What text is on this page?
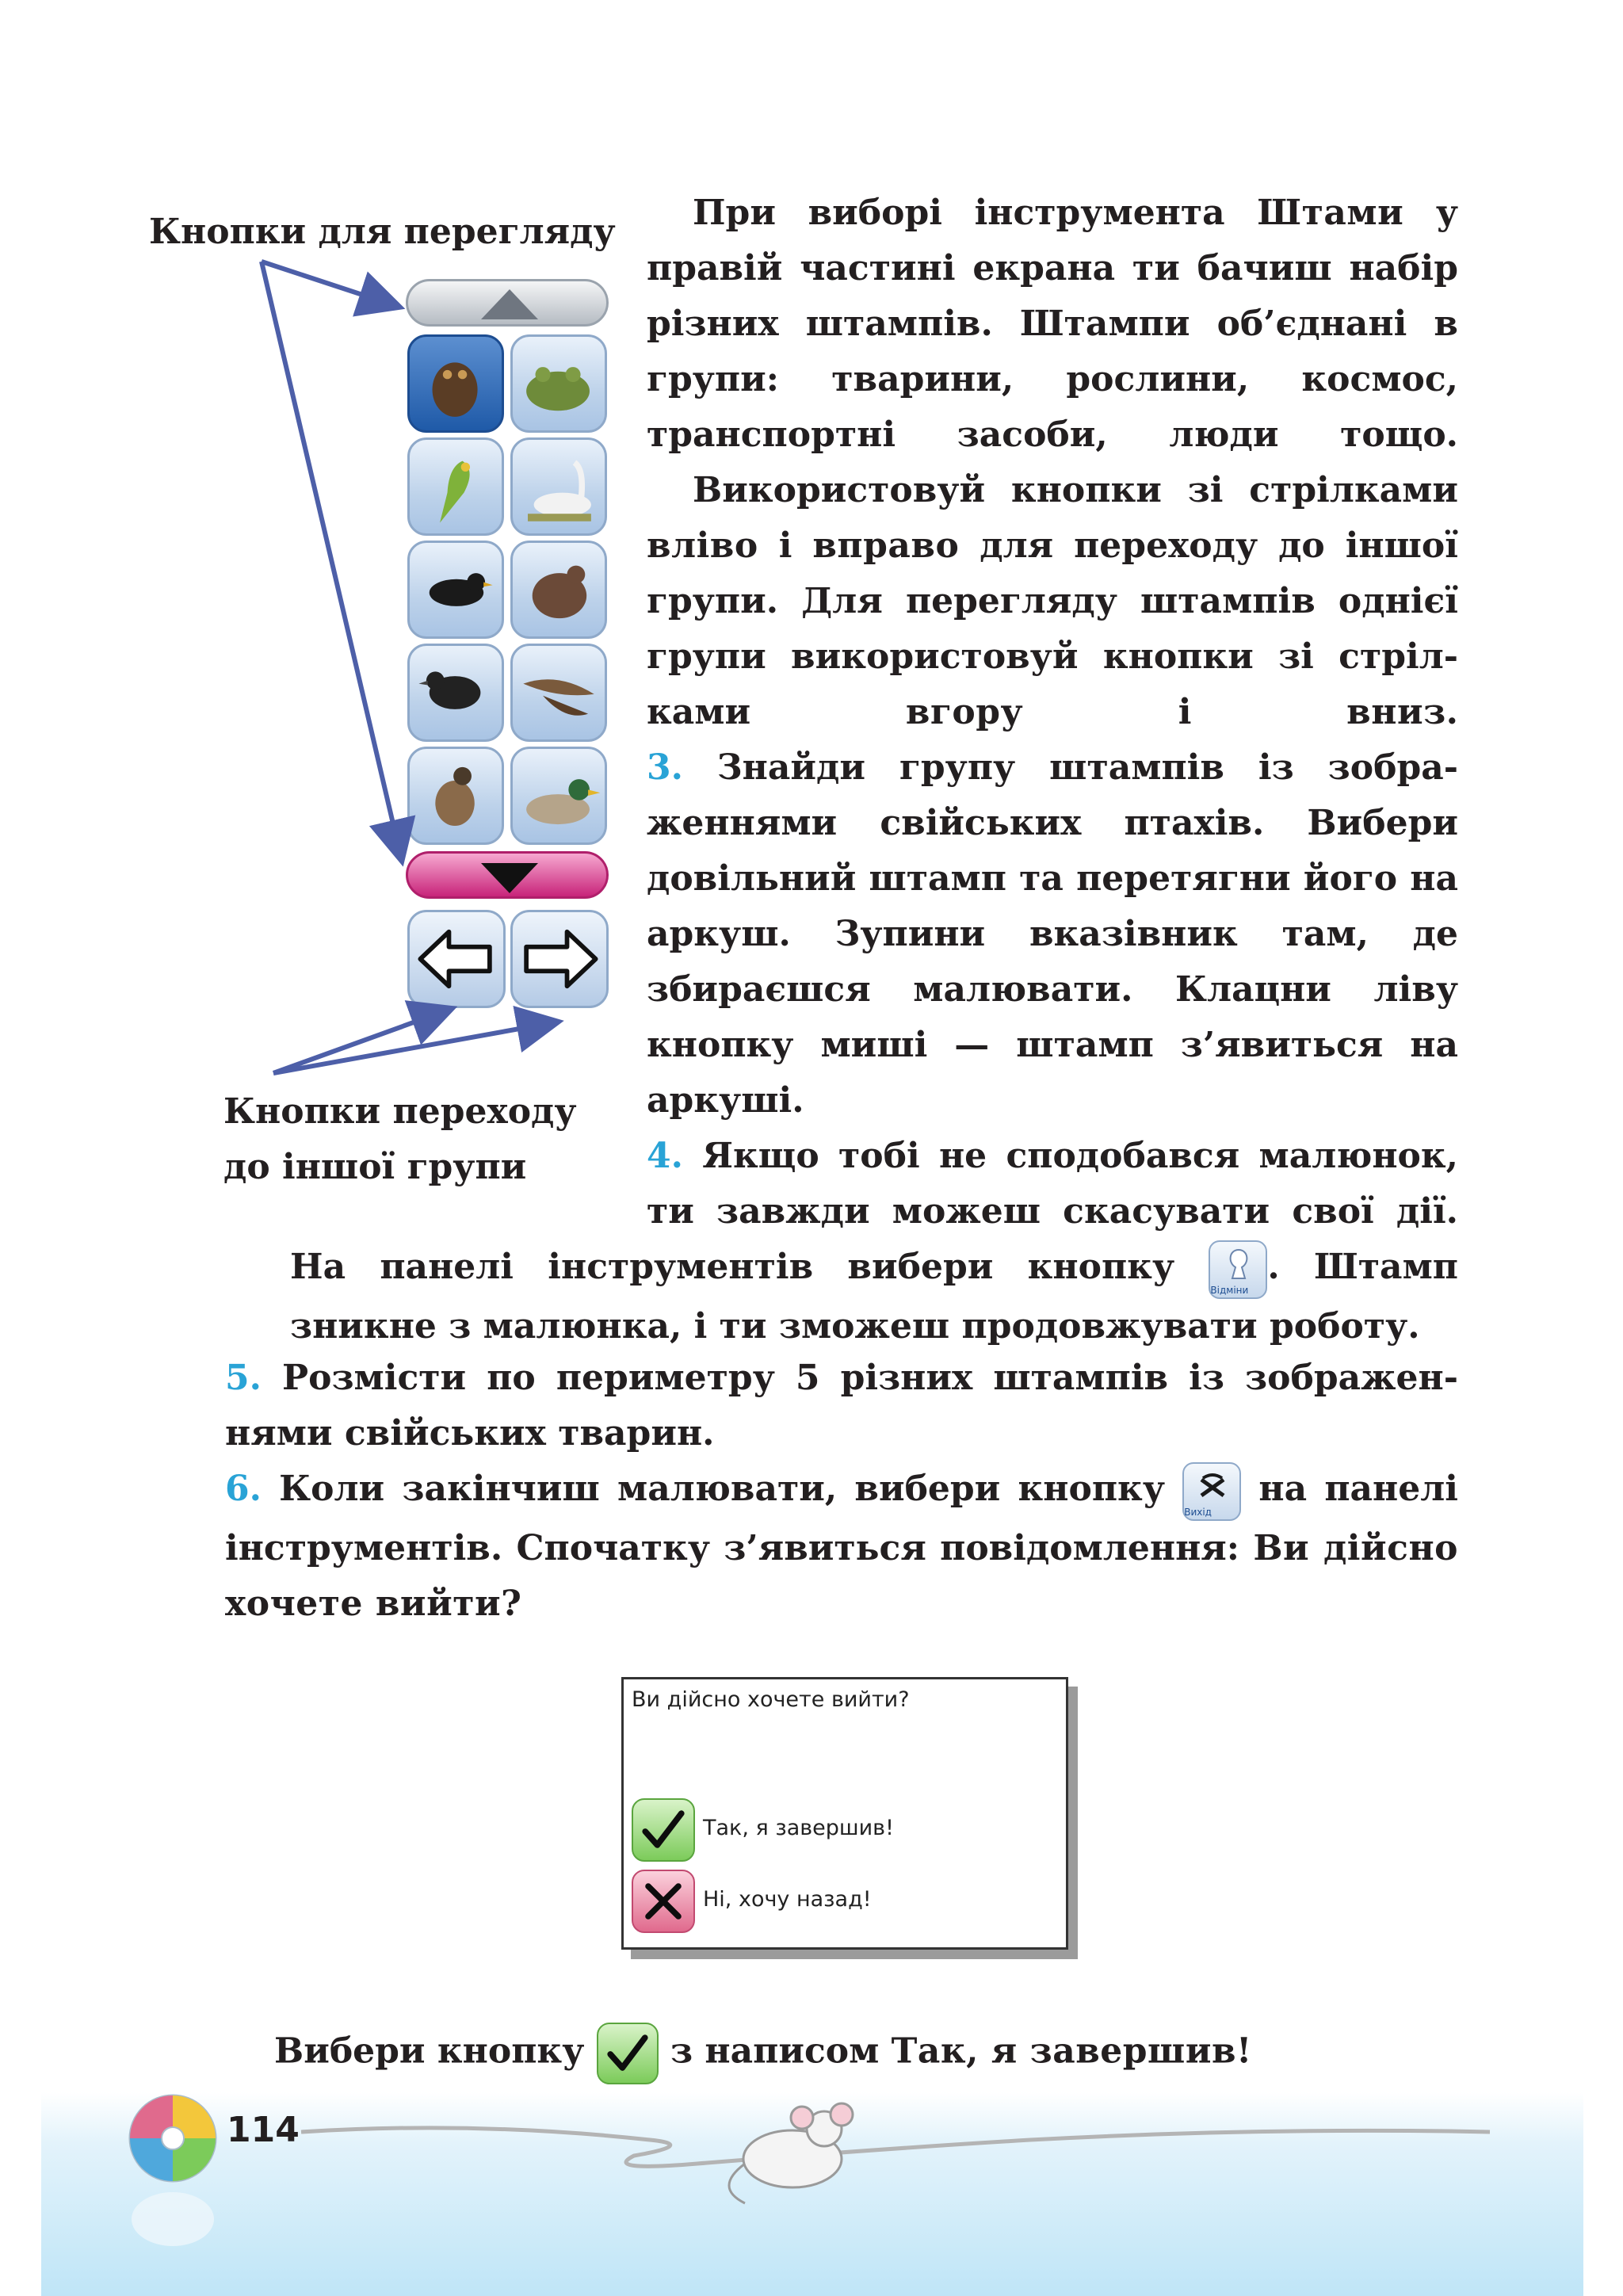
Кнопки для перегляду
Кнопки переходу
до іншої групи
При виборі інструмента Штами у правій частині екрана ти бачиш набір різних штампів. Штампи об’єднані в групи: тварини, рослини, космос, транспортні засоби, люди тощо.
Використовуй кнопки зі стрілками вліво і вправо для переходу до іншої групи. Для перегляду штампів однієї групи використовуй кнопки зі стрілками вгору і вниз.
3. Знайди групу штампів із зображеннями свійських птахів. Вибери довільний штамп та перетягни його на аркуш. Зупини вказівник там, де збираєшся малювати. Клацни ліву кнопку миші — штамп з’явиться на аркуші.
4. Якщо тобі не сподобався малюнок, ти завжди можеш скасувати свої дії.
На панелі інструментів вибери кнопку
Відміни
. Штамп зникне з малюнка, і ти зможеш продовжувати роботу.
5. Розмісти по периметру 5 різних штампів із зображеннями свійських тварин.
6. Коли закінчиш малювати, вибери кнопку
Вихід
на панелі інструментів. Спочатку з’явиться повідомлення: Ви дійсно хочете вийти?
Ви дійсно хочете вийти?
Так, я завершив!
Ні, хочу назад!
Вибери кнопку  з написом Так, я завершив!
114
